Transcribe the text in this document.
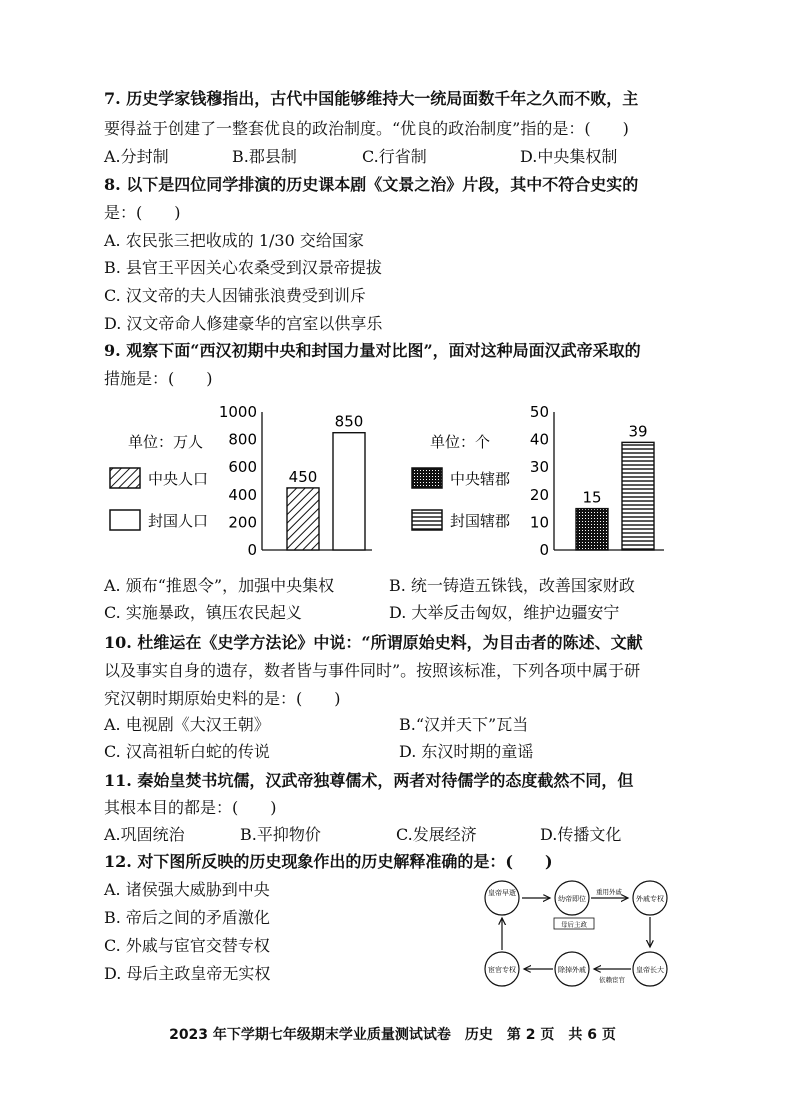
7. 历史学家钱穆指出，古代中国能够维持大一统局面数千年之久而不败，主
要得益于创建了一整套优良的政治制度。“优良的政治制度”指的是：(　　)
A.分封制	B.郡县制	C.行省制	D.中央集权制
8. 以下是四位同学排演的历史课本剧《文景之治》片段，其中不符合史实的
是：(　　)
A. 农民张三把收成的 1/30 交给国家
B. 县官王平因关心农桑受到汉景帝提拔
C. 汉文帝的夫人因铺张浪费受到训斥
D. 汉文帝命人修建豪华的宫室以供享乐
9. 观察下面“西汉初期中央和封国力量对比图”，面对这种局面汉武帝采取的
措施是：(　　)
单位：万人
中央人口
封国人口
0
200
400
600
800
1000
450
850
单位：个
中央辖郡
封国辖郡
0
10
20
30
40
50
15
39
A. 颁布“推恩令”，加强中央集权	B. 统一铸造五铢钱，改善国家财政
C. 实施暴政，镇压农民起义	D. 大举反击匈奴，维护边疆安宁
10. 杜维运在《史学方法论》中说：“所谓原始史料，为目击者的陈述、文献
以及事实自身的遗存，数者皆与事件同时”。按照该标准，下列各项中属于研
究汉朝时期原始史料的是：(　　)
A. 电视剧《大汉王朝》	B.“汉并天下”瓦当
C. 汉高祖斩白蛇的传说	D. 东汉时期的童谣
11. 秦始皇焚书坑儒，汉武帝独尊儒术，两者对待儒学的态度截然不同，但
其根本目的都是：(　　)
A.巩固统治	B.平抑物价	C.发展经济	D.传播文化
12. 对下图所反映的历史现象作出的历史解释准确的是：(　　)
A. 诸侯强大威胁到中央
B. 帝后之间的矛盾激化
C. 外戚与宦官交替专权
D. 母后主政皇帝无实权
皇帝早逝
幼帝即位	外戚专权
皇帝长大
除掉外戚
宦官专权
重用外戚
母后主政
依赖宦官
2023 年下学期七年级期末学业质量测试试卷　历史　第 2 页　共 6 页
